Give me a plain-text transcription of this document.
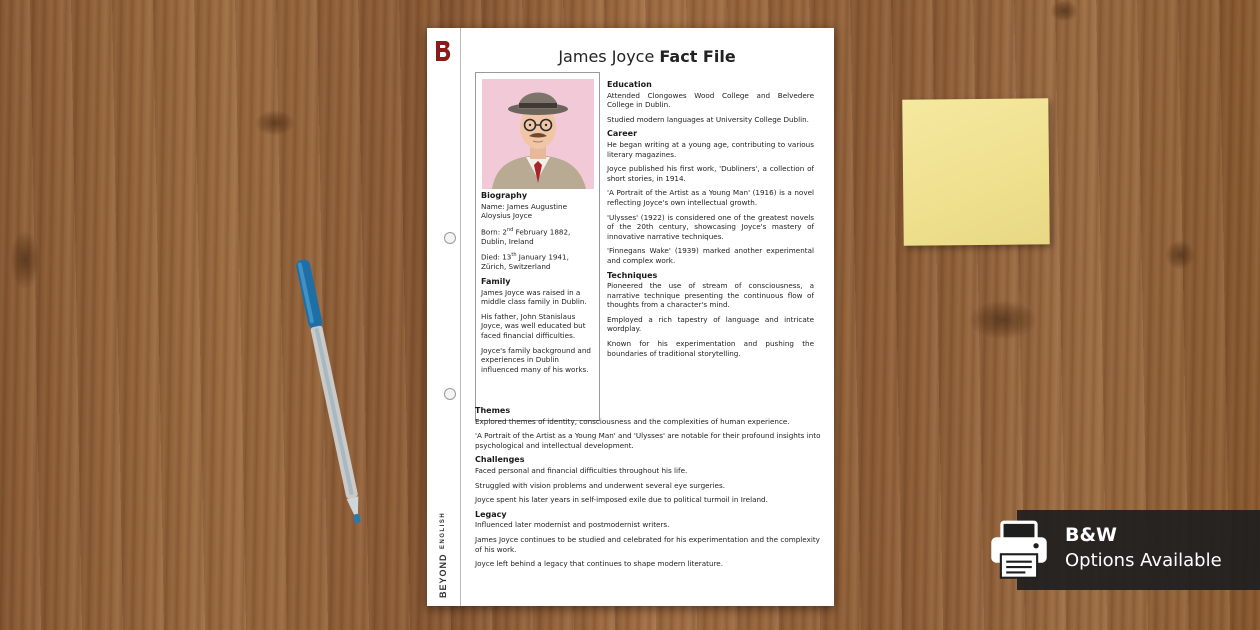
BEYOND
ENGLISH
James Joyce Fact File
Biography

Name: James Augustine Aloysius Joyce

Born: 2nd February 1882, Dublin, Ireland

Died: 13th January 1941, Zürich, Switzerland

Family

James Joyce was raised in a middle class family in Dublin.

His father, John Stanislaus Joyce, was well educated but faced financial difficulties.

Joyce's family background and experiences in Dublin influenced many of his works.

Education

Attended Clongowes Wood College and Belvedere College in Dublin.

Studied modern languages at University College Dublin.

Career

He began writing at a young age, contributing to various literary magazines.

Joyce published his first work, 'Dubliners', a collection of short stories, in 1914.

'A Portrait of the Artist as a Young Man' (1916) is a novel reflecting Joyce's own intellectual growth.

'Ulysses' (1922) is considered one of the greatest novels of the 20th century, showcasing Joyce's mastery of innovative narrative techniques.

'Finnegans Wake' (1939) marked another experimental and complex work.

Techniques

Pioneered the use of stream of consciousness, a narrative technique presenting the continuous flow of thoughts from a character's mind.

Employed a rich tapestry of language and intricate wordplay.

Known for his experimentation and pushing the boundaries of traditional storytelling.

Themes

Explored themes of identity, consciousness and the complexities of human experience.

'A Portrait of the Artist as a Young Man' and 'Ulysses' are notable for their profound insights into psychological and intellectual development.

Challenges

Faced personal and financial difficulties throughout his life.

Struggled with vision problems and underwent several eye surgeries.

Joyce spent his later years in self-imposed exile due to political turmoil in Ireland.

Legacy

Influenced later modernist and postmodernist writers.

James Joyce continues to be studied and celebrated for his experimentation and the complexity of his work.

Joyce left behind a legacy that continues to shape modern literature.

B&W
Options Available
